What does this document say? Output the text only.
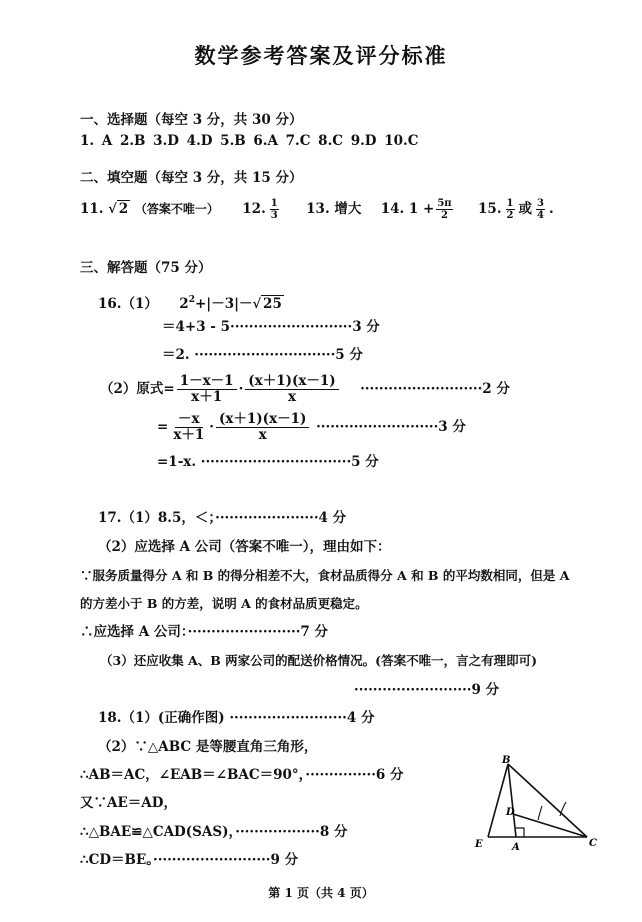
数学参考答案及评分标准
一、选择题（每空 3 分，共 30 分）
1. A 2.B 3.D 4.D 5.B 6.A 7.C 8.C 9.D 10.C
二、填空题（每空 3 分，共 15 分）
11. √ 2 （答案不唯一） 12. $\frac{1}{3} 13$. 增大 14. $1 + \frac{5\pi}{2} 15$. $\frac{1}{2}$ 或 $\frac{3}{4}$ .
三、解答题（75 分）
16.（1） $2^2+|-3|-√$ 25
＝4+3 - 5··························3 分
＝2. ······························5 分
（2）原式= $\frac{1-x-1}{x+1} \cdot \frac{(x+1)(x-1)}{x} \cdot\cdot\cdot\cdot\cdot\cdot\cdot\cdot\cdot\cdot\cdot\cdot\cdot\cdot\cdot\cdot\cdot\cdot\cdot\cdot\cdot\cdot\cdot\cdot\cdot\cdot 2$ 分
= $\frac{-x}{x+1} \cdot \frac{(x+1)(x-1)}{x} \cdot\cdot\cdot\cdot\cdot\cdot\cdot\cdot\cdot\cdot\cdot\cdot\cdot\cdot\cdot\cdot\cdot\cdot\cdot\cdot\cdot\cdot\cdot\cdot\cdot\cdot 3$ 分
=1-x. ································5 分
17.（1）8.5，＜；······················4 分
（2）应选择 A 公司（答案不唯一），理由如下：
∵服务质量得分 A 和 B 的得分相差不大，食材品质得分 A 和 B 的平均数相同，但是 A
的方差小于 B 的方差，说明 A 的食材品质更稳定。
∴应选择 A 公司：························7 分
（3）还应收集 A、B 两家公司的配送价格情况。(答案不唯一，言之有理即可)
·························9 分
18.（1）(正确作图) ·························4 分
（2）∵△ABC 是等腰直角三角形，
∴AB＝AC，∠EAB＝∠BAC＝90°，···············6 分
又∵AE＝AD，
∴△BAE≌△CAD(SAS)，··················8 分
∴CD＝BE。·························9 分
B
D
E	A	C
第 1 页（共 4 页）
